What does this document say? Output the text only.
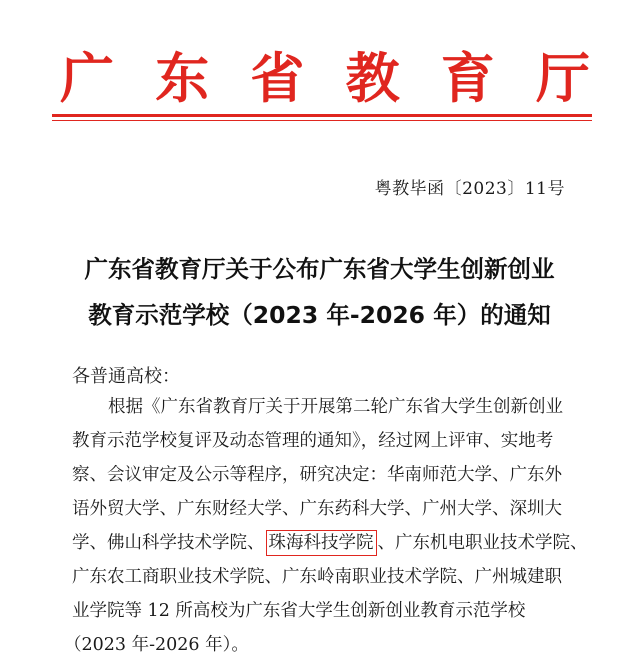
广 东 省 教 育 厅
粤教毕函〔2023〕11号
广东省教育厅关于公布广东省大学生创新创业
教育示范学校（2023 年-2026 年）的通知
各普通高校：
根据《广东省教育厅关于开展第二轮广东省大学生创新创业
教育示范学校复评及动态管理的通知》，经过网上评审、实地考
察、会议审定及公示等程序，研究决定：华南师范大学、广东外
语外贸大学、广东财经大学、广东药科大学、广州大学、深圳大
学、佛山科学技术学院、 珠海科技学院 、广东机电职业技术学院、
广东农工商职业技术学院、广东岭南职业技术学院、广州城建职
业学院等 12 所高校为广东省大学生创新创业教育示范学校
（2023 年-2026 年）。
